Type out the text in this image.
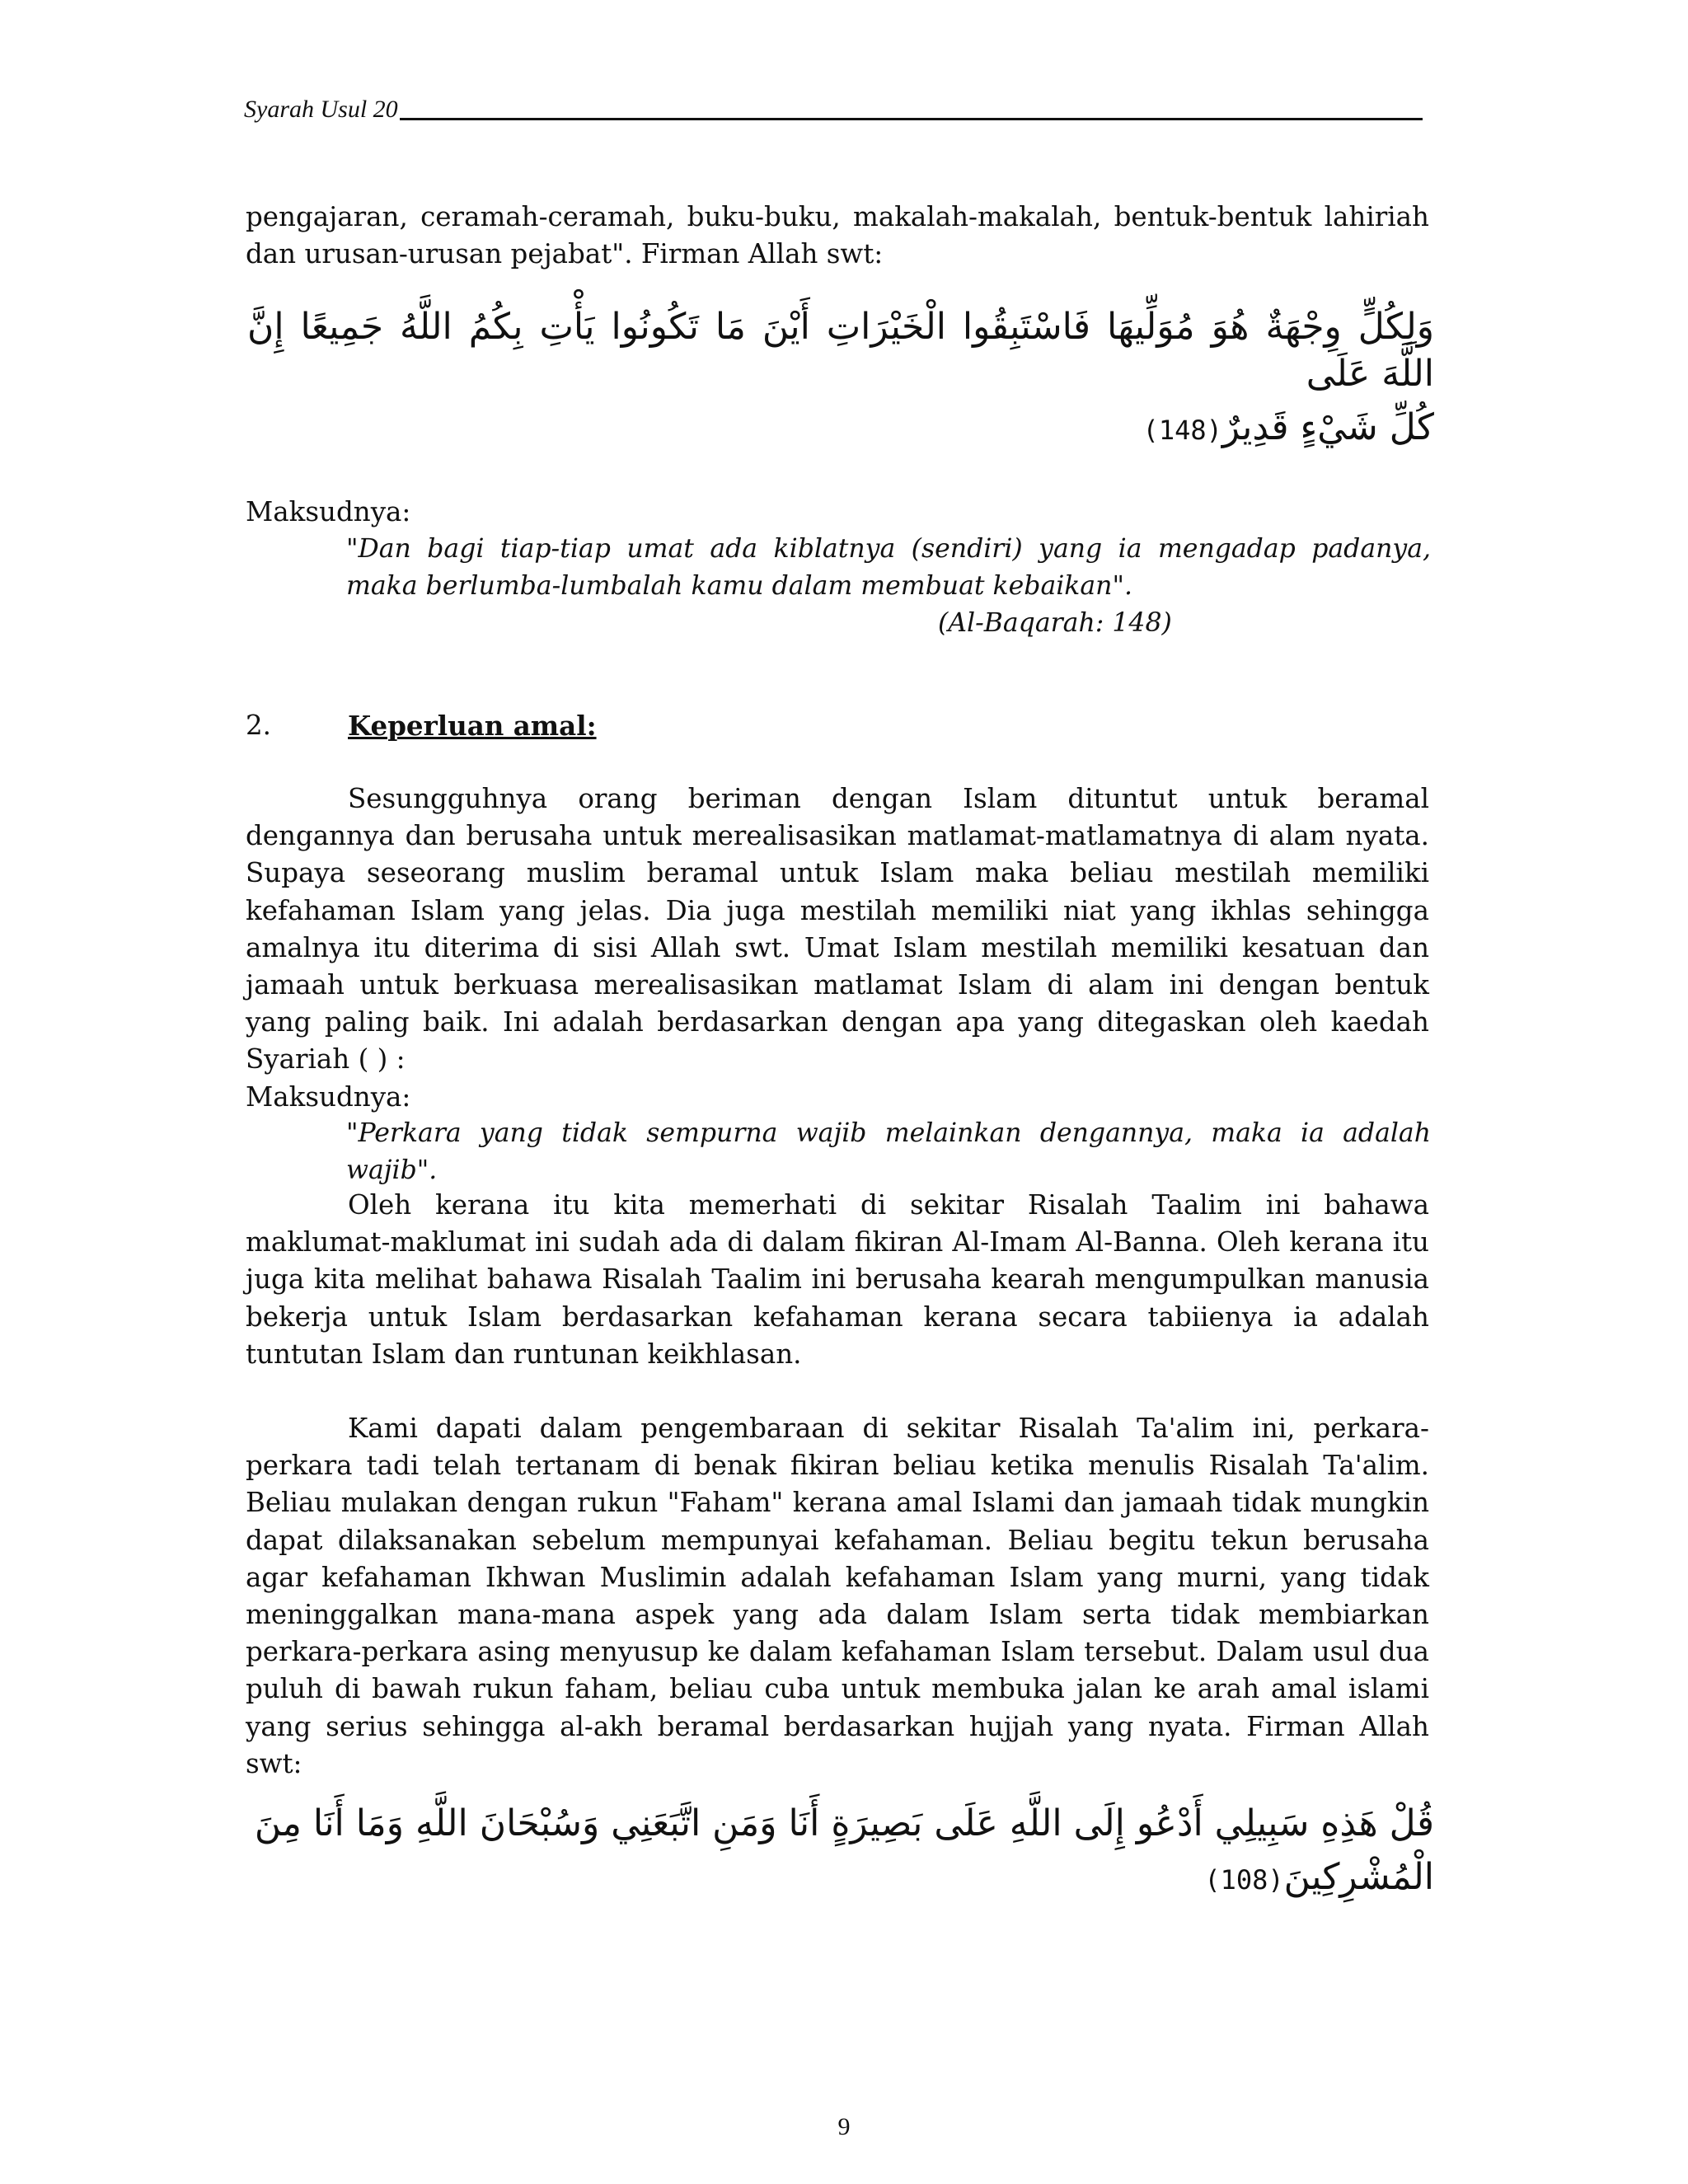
Syarah Usul 20

pengajaran, ceramah-ceramah, buku-buku, makalah-makalah, bentuk-bentuk lahiriah dan urusan-urusan pejabat". Firman Allah swt:

وَلِكُلٍّ وِجْهَةٌ هُوَ مُوَلِّيهَا فَاسْتَبِقُوا الْخَيْرَاتِ أَيْنَ مَا تَكُونُوا يَأْتِ بِكُمُ اللَّهُ جَمِيعًا إِنَّ اللَّهَ عَلَى
كُلِّ شَيْءٍ قَدِيرٌ(148)

Maksudnya:

"Dan bagi tiap-tiap umat ada kiblatnya (sendiri) yang ia mengadap padanya, maka berlumba-lumbalah kamu dalam membuat kebaikan".

(Al-Baqarah: 148)

2.	Keperluan amal:

Sesungguhnya orang beriman dengan Islam dituntut untuk beramal dengannya dan berusaha untuk merealisasikan matlamat-matlamatnya di alam nyata. Supaya seseorang muslim beramal untuk Islam maka beliau mestilah memiliki kefahaman Islam yang jelas. Dia juga mestilah memiliki niat yang ikhlas sehingga amalnya itu diterima di sisi Allah swt. Umat Islam mestilah memiliki kesatuan dan jamaah untuk berkuasa merealisasikan matlamat Islam di alam ini dengan bentuk yang paling baik. Ini adalah berdasarkan dengan apa yang ditegaskan oleh kaedah Syariah ( ) :

Maksudnya:

"Perkara yang tidak sempurna wajib melainkan dengannya, maka ia adalah wajib".

Oleh kerana itu kita memerhati di sekitar Risalah Taalim ini bahawa maklumat-maklumat ini sudah ada di dalam fikiran Al-Imam Al-Banna. Oleh kerana itu juga kita melihat bahawa Risalah Taalim ini berusaha kearah mengumpulkan manusia bekerja untuk Islam berdasarkan kefahaman kerana secara tabiienya ia adalah tuntutan Islam dan runtunan keikhlasan.

Kami dapati dalam pengembaraan di sekitar Risalah Ta'alim ini, perkara-perkara tadi telah tertanam di benak fikiran beliau ketika menulis Risalah Ta'alim. Beliau mulakan dengan rukun "Faham" kerana amal Islami dan jamaah tidak mungkin dapat dilaksanakan sebelum mempunyai kefahaman. Beliau begitu tekun berusaha agar kefahaman Ikhwan Muslimin adalah kefahaman Islam yang murni, yang tidak meninggalkan mana-mana aspek yang ada dalam Islam serta tidak membiarkan perkara-perkara asing menyusup ke dalam kefahaman Islam tersebut. Dalam usul dua puluh di bawah rukun faham, beliau cuba untuk membuka jalan ke arah amal islami yang serius sehingga al-akh beramal berdasarkan hujjah yang nyata. Firman Allah swt:

قُلْ هَذِهِ سَبِيلِي أَدْعُو إِلَى اللَّهِ عَلَى بَصِيرَةٍ أَنَا وَمَنِ اتَّبَعَنِي وَسُبْحَانَ اللَّهِ وَمَا أَنَا مِنَ
الْمُشْرِكِينَ(108)
9
